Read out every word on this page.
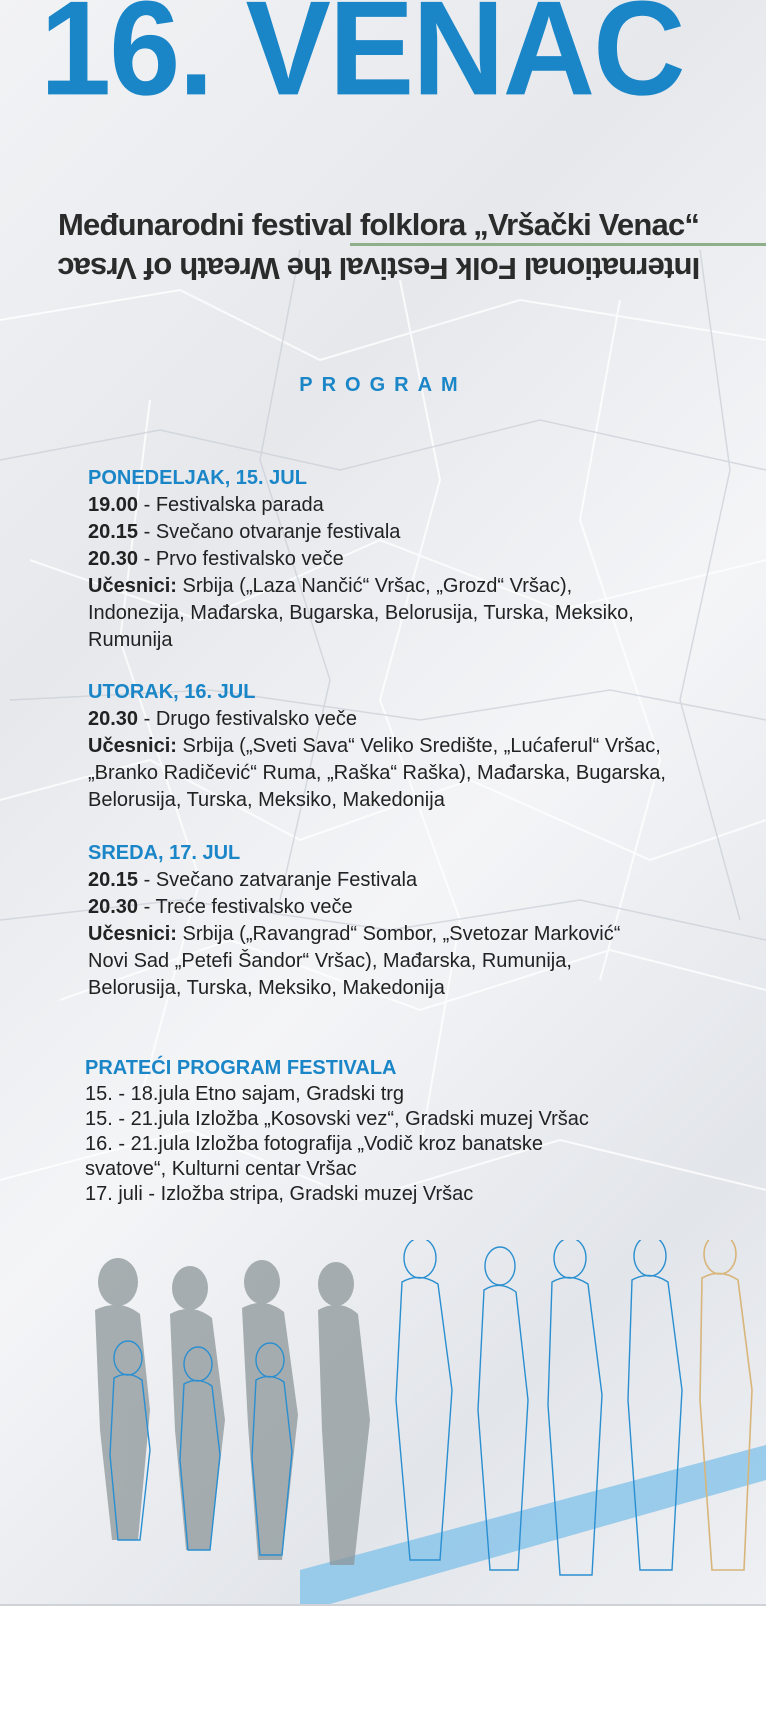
16. VENAC
Međunarodni festival folklora „Vršački Venac“
International Folk Festival the Wreath of Vrsac
PROGRAM

PONEDELJAK, 15. JUL

19.00 - Festivalska parada

20.15 - Svečano otvaranje festivala

20.30 - Prvo festivalsko veče

Učesnici: Srbija („Laza Nančić“ Vršac, „Grozd“ Vršac),

Indonezija, Mađarska, Bugarska, Belorusija, Turska, Meksiko,

Rumunija

UTORAK, 16. JUL

20.30 - Drugo festivalsko veče

Učesnici: Srbija („Sveti Sava“ Veliko Središte, „Lućaferul“ Vršac,

„Branko Radičević“ Ruma, „Raška“ Raška), Mađarska, Bugarska,

Belorusija, Turska, Meksiko, Makedonija

SREDA, 17. JUL

20.15 - Svečano zatvaranje Festivala

20.30 - Treće festivalsko veče

Učesnici: Srbija („Ravangrad“ Sombor, „Svetozar Marković“

Novi Sad „Petefi Šandor“ Vršac), Mađarska, Rumunija,

Belorusija, Turska, Meksiko, Makedonija

PRATEĆI PROGRAM FESTIVALA

15. - 18.jula Etno sajam, Gradski trg

15. - 21.jula Izložba „Kosovski vez“, Gradski muzej Vršac

16. - 21.jula Izložba fotografija „Vodič kroz banatske

svatove“, Kulturni centar Vršac

17. juli - Izložba stripa, Gradski muzej Vršac
